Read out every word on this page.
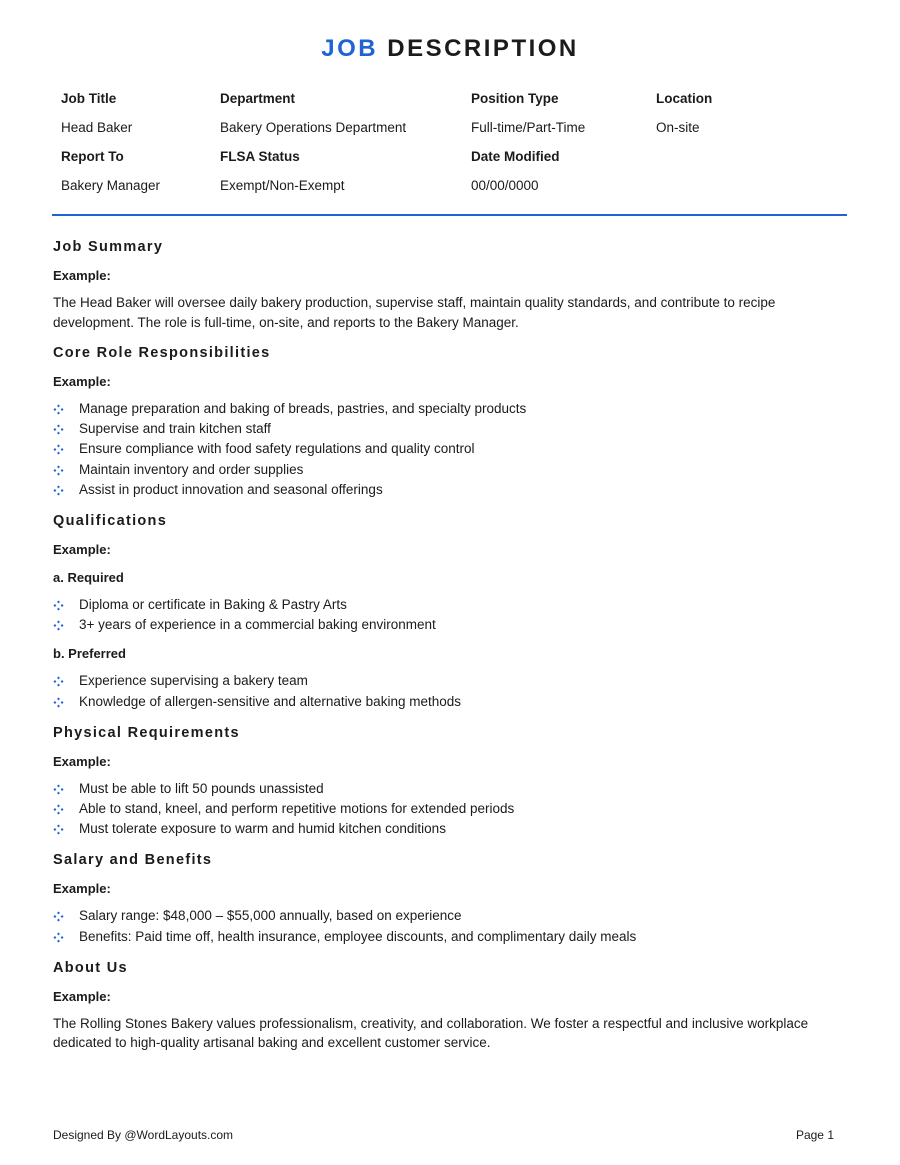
JOB DESCRIPTION
Job Title	Department	Position Type	Location
Head Baker	Bakery Operations Department	Full-time/Part-Time	On-site
Report To	FLSA Status	Date Modified
Bakery Manager	Exempt/Non-Exempt	00/00/0000
Job Summary

Example:

The Head Baker will oversee daily bakery production, supervise staff, maintain quality standards, and contribute to recipe development. The role is full-time, on-site, and reports to the Bakery Manager.

Core Role Responsibilities

Example:

Manage preparation and baking of breads, pastries, and specialty products
Supervise and train kitchen staff
Ensure compliance with food safety regulations and quality control
Maintain inventory and order supplies
Assist in product innovation and seasonal offerings
Qualifications

Example:

a. Required

Diploma or certificate in Baking & Pastry Arts
3+ years of experience in a commercial baking environment

b. Preferred

Experience supervising a bakery team
Knowledge of allergen-sensitive and alternative baking methods
Physical Requirements

Example:

Must be able to lift 50 pounds unassisted
Able to stand, kneel, and perform repetitive motions for extended periods
Must tolerate exposure to warm and humid kitchen conditions
Salary and Benefits

Example:

Salary range: $48,000 – $55,000 annually, based on experience
Benefits: Paid time off, health insurance, employee discounts, and complimentary daily meals
About Us

Example:

The Rolling Stones Bakery values professionalism, creativity, and collaboration. We foster a respectful and inclusive workplace dedicated to high-quality artisanal baking and excellent customer service.

Designed By @WordLayouts.com	Page 1
